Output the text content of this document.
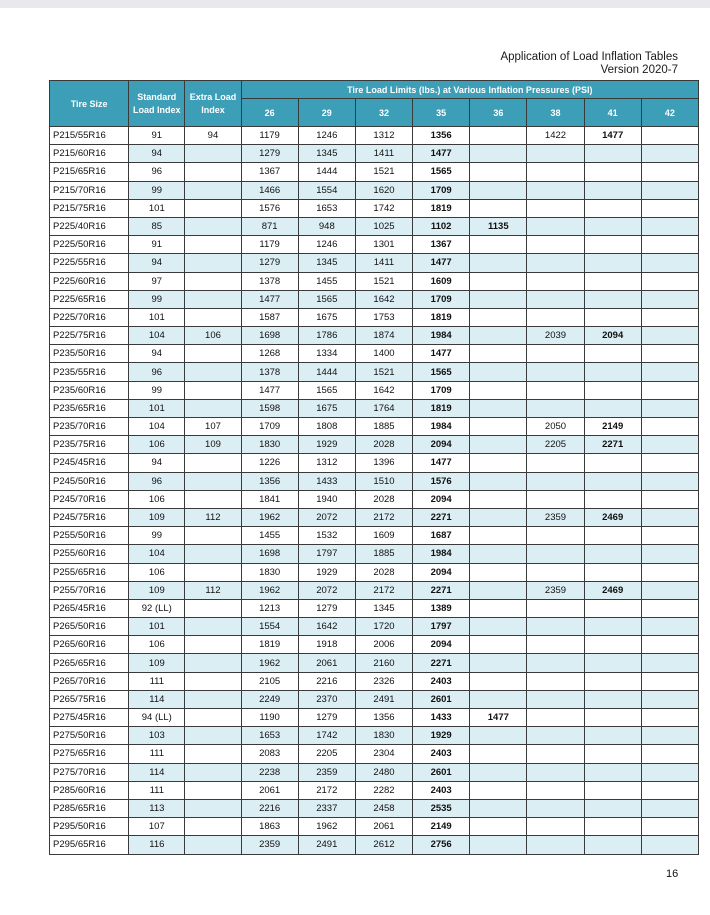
Application of Load Inflation Tables
Version 2020-7
Tire Size	Standard Load Index	Extra Load Index	Tire Load Limits (lbs.) at Various Inflation Pressures (PSI)							
			26	29	32	35	36	38	41	42
P215/55R16	91	94	1179	1246	1312	1356		1422	1477	
P215/60R16	94		1279	1345	1411	1477				
P215/65R16	96		1367	1444	1521	1565				
P215/70R16	99		1466	1554	1620	1709				
P215/75R16	101		1576	1653	1742	1819				
P225/40R16	85		871	948	1025	1102	1135			
P225/50R16	91		1179	1246	1301	1367				
P225/55R16	94		1279	1345	1411	1477				
P225/60R16	97		1378	1455	1521	1609				
P225/65R16	99		1477	1565	1642	1709				
P225/70R16	101		1587	1675	1753	1819				
P225/75R16	104	106	1698	1786	1874	1984		2039	2094	
P235/50R16	94		1268	1334	1400	1477				
P235/55R16	96		1378	1444	1521	1565				
P235/60R16	99		1477	1565	1642	1709				
P235/65R16	101		1598	1675	1764	1819				
P235/70R16	104	107	1709	1808	1885	1984		2050	2149	
P235/75R16	106	109	1830	1929	2028	2094		2205	2271	
P245/45R16	94		1226	1312	1396	1477				
P245/50R16	96		1356	1433	1510	1576				
P245/70R16	106		1841	1940	2028	2094				
P245/75R16	109	112	1962	2072	2172	2271		2359	2469	
P255/50R16	99		1455	1532	1609	1687				
P255/60R16	104		1698	1797	1885	1984				
P255/65R16	106		1830	1929	2028	2094				
P255/70R16	109	112	1962	2072	2172	2271		2359	2469	
P265/45R16	92 (LL)		1213	1279	1345	1389				
P265/50R16	101		1554	1642	1720	1797				
P265/60R16	106		1819	1918	2006	2094				
P265/65R16	109		1962	2061	2160	2271				
P265/70R16	111		2105	2216	2326	2403				
P265/75R16	114		2249	2370	2491	2601				
P275/45R16	94 (LL)		1190	1279	1356	1433	1477			
P275/50R16	103		1653	1742	1830	1929				
P275/65R16	111		2083	2205	2304	2403				
P275/70R16	114		2238	2359	2480	2601				
P285/60R16	111		2061	2172	2282	2403				
P285/65R16	113		2216	2337	2458	2535				
P295/50R16	107		1863	1962	2061	2149				
P295/65R16	116		2359	2491	2612	2756				
16
